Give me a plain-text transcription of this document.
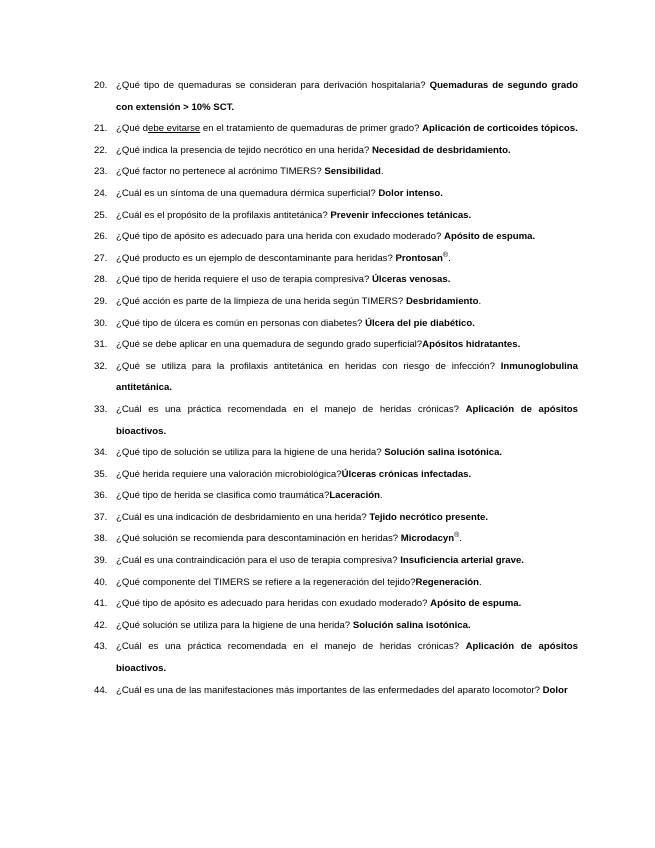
20. ¿Qué tipo de quemaduras se consideran para derivación hospitalaria? Quemaduras de segundo grado con extensión > 10% SCT.
21. ¿Qué debe evitarse en el tratamiento de quemaduras de primer grado? Aplicación de corticoides tópicos.
22. ¿Qué indica la presencia de tejido necrótico en una herida? Necesidad de desbridamiento.
23. ¿Qué factor no pertenece al acrónimo TIMERS? Sensibilidad.
24. ¿Cuál es un síntoma de una quemadura dérmica superficial? Dolor intenso.
25. ¿Cuál es el propósito de la profilaxis antitetánica? Prevenir infecciones tetánicas.
26. ¿Qué tipo de apósito es adecuado para una herida con exudado moderado? Apósito de espuma.
27. ¿Qué producto es un ejemplo de descontaminante para heridas? Prontosan®.
28. ¿Qué tipo de herida requiere el uso de terapia compresiva? Úlceras venosas.
29. ¿Qué acción es parte de la limpieza de una herida según TIMERS? Desbridamiento.
30. ¿Qué tipo de úlcera es común en personas con diabetes? Úlcera del pie diabético.
31. ¿Qué se debe aplicar en una quemadura de segundo grado superficial?Apósitos hidratantes.
32. ¿Qué se utiliza para la profilaxis antitetánica en heridas con riesgo de infección? Inmunoglobulina antitetánica.
33. ¿Cuál es una práctica recomendada en el manejo de heridas crónicas? Aplicación de apósitos bioactivos.
34. ¿Qué tipo de solución se utiliza para la higiene de una herida? Solución salina isotónica.
35. ¿Qué herida requiere una valoración microbiológica?Úlceras crónicas infectadas.
36. ¿Qué tipo de herida se clasifica como traumática?Laceración.
37. ¿Cuál es una indicación de desbridamiento en una herida? Tejido necrótico presente.
38. ¿Qué solución se recomienda para descontaminación en heridas? Microdacyn®.
39. ¿Cuál es una contraindicación para el uso de terapia compresiva? Insuficiencia arterial grave.
40. ¿Qué componente del TIMERS se refiere a la regeneración del tejido?Regeneración.
41. ¿Qué tipo de apósito es adecuado para heridas con exudado moderado? Apósito de espuma.
42. ¿Qué solución se utiliza para la higiene de una herida? Solución salina isotónica.
43. ¿Cuál es una práctica recomendada en el manejo de heridas crónicas? Aplicación de apósitos bioactivos.
44. ¿Cuál es una de las manifestaciones más importantes de las enfermedades del aparato locomotor? Dolor
